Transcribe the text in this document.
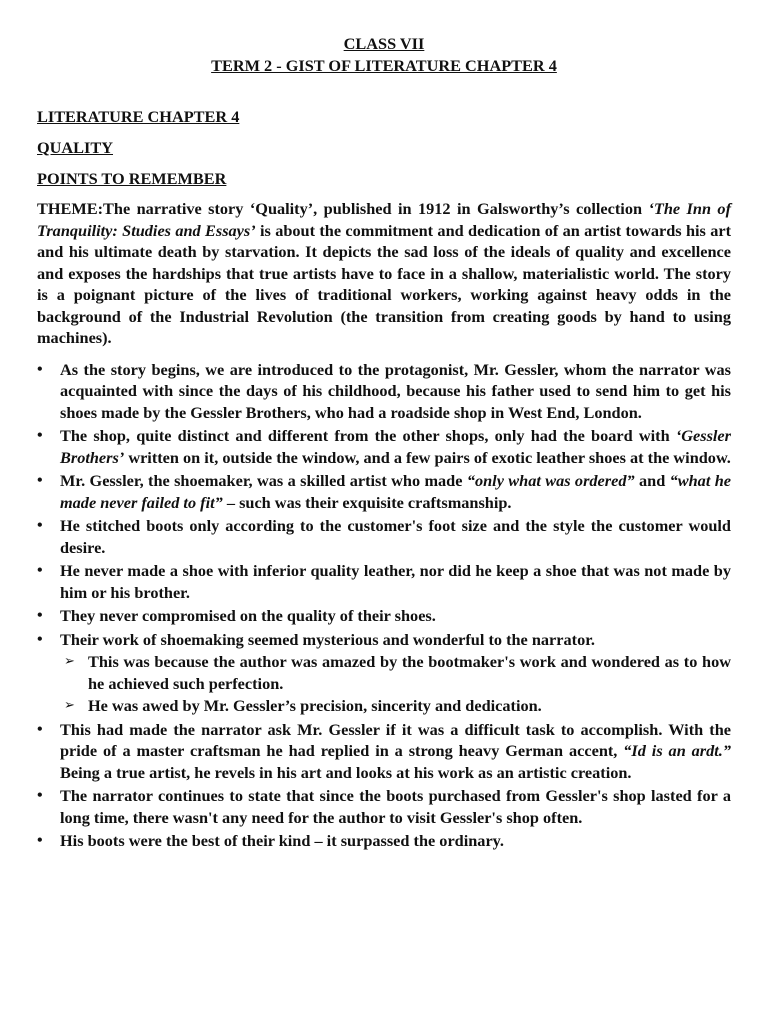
CLASS VII
TERM 2 - GIST OF LITERATURE CHAPTER 4

LITERATURE CHAPTER 4

QUALITY

POINTS TO REMEMBER

THEME:The narrative story ‘Quality’, published in 1912 in Galsworthy’s collection ‘The Inn of Tranquility: Studies and Essays’ is about the commitment and dedication of an artist towards his art and his ultimate death by starvation. It depicts the sad loss of the ideals of quality and excellence and exposes the hardships that true artists have to face in a shallow, materialistic world. The story is a poignant picture of the lives of traditional workers, working against heavy odds in the background of the Industrial Revolution (the transition from creating goods by hand to using machines).
• As the story begins, we are introduced to the protagonist, Mr. Gessler, whom the narrator was acquainted with since the days of his childhood, because his father used to send him to get his shoes made by the Gessler Brothers, who had a roadside shop in West End, London.
• The shop, quite distinct and different from the other shops, only had the board with ‘Gessler Brothers’ written on it, outside the window, and a few pairs of exotic leather shoes at the window.
• Mr. Gessler, the shoemaker, was a skilled artist who made “only what was ordered” and “what he made never failed to fit” – such was their exquisite craftsmanship.
• He stitched boots only according to the customer's foot size and the style the customer would desire.
• He never made a shoe with inferior quality leather, nor did he keep a shoe that was not made by him or his brother.
• They never compromised on the quality of their shoes.
• Their work of shoemaking seemed mysterious and wonderful to the narrator.
➢ This was because the author was amazed by the bootmaker's work and wondered as to how he achieved such perfection.
➢ He was awed by Mr. Gessler’s precision, sincerity and dedication.
• This had made the narrator ask Mr. Gessler if it was a difficult task to accomplish. With the pride of a master craftsman he had replied in a strong heavy German accent, “Id is an ardt.” Being a true artist, he revels in his art and looks at his work as an artistic creation.
• The narrator continues to state that since the boots purchased from Gessler's shop lasted for a long time, there wasn't any need for the author to visit Gessler's shop often.
• His boots were the best of their kind – it surpassed the ordinary.
